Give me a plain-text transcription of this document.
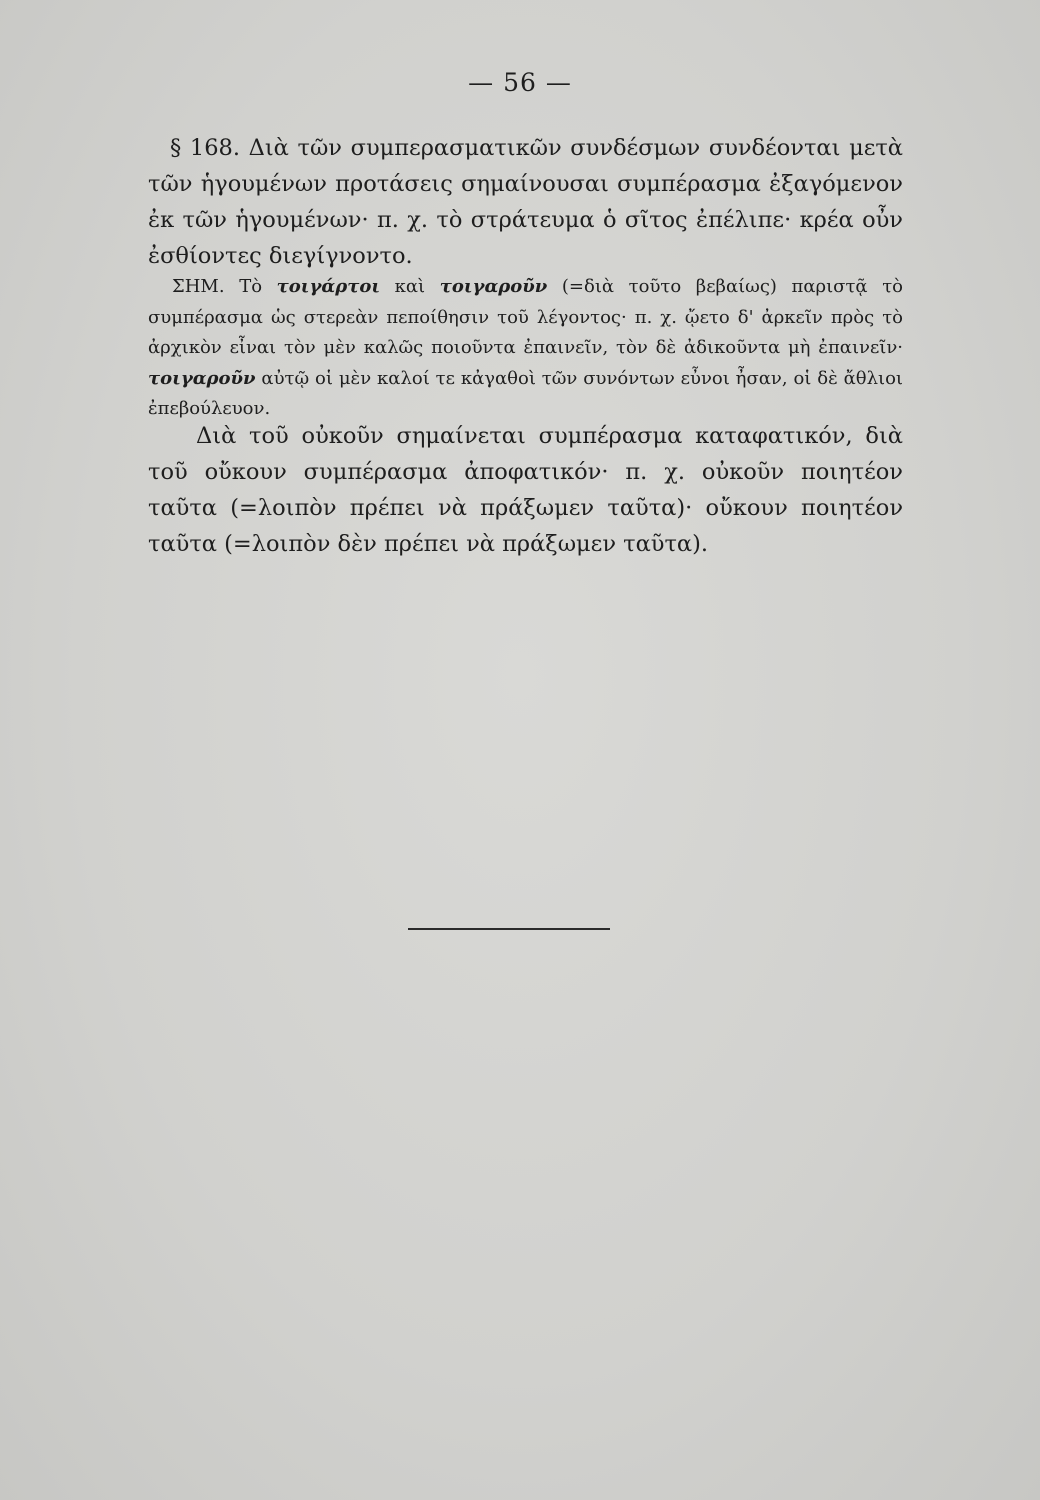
— 56 —

§ 168. Διὰ τῶν συμπερασματικῶν συνδέσμων συνδέονται μετὰ τῶν ἡγουμένων προτάσεις σημαίνουσαι συμπέρασμα ἐξαγόμενον ἐκ τῶν ἡγουμένων· π. χ. τὸ στράτευμα ὁ σῖτος ἐπέλιπε· κρέα οὖν ἐσθίοντες διεγίγνοντο.

ΣΗΜ. Τὸ τοιγάρτοι καὶ τοιγαροῦν (=διὰ τοῦτο βεβαίως) παριστᾷ τὸ συμπέρασμα ὡς στερεὰν πεποίθησιν τοῦ λέγοντος· π. χ. ᾤετο δ' ἀρκεῖν πρὸς τὸ ἀρχικὸν εἶναι τὸν μὲν καλῶς ποιοῦντα ἐπαινεῖν, τὸν δὲ ἀδικοῦντα μὴ ἐπαινεῖν· τοιγαροῦν αὐτῷ οἱ μὲν καλοί τε κἀγαθοὶ τῶν συνόντων εὖνοι ἦσαν, οἱ δὲ ἄθλιοι ἐπεβούλευον.

Διὰ τοῦ οὐκοῦν σημαίνεται συμπέρασμα καταφατικόν, διὰ τοῦ οὔκουν συμπέρασμα ἀποφατικόν· π. χ. οὐκοῦν ποιητέον ταῦτα (=λοιπὸν πρέπει νὰ πράξωμεν ταῦτα)· οὔκουν ποιητέον ταῦτα (=λοιπὸν δὲν πρέπει νὰ πράξωμεν ταῦτα).
